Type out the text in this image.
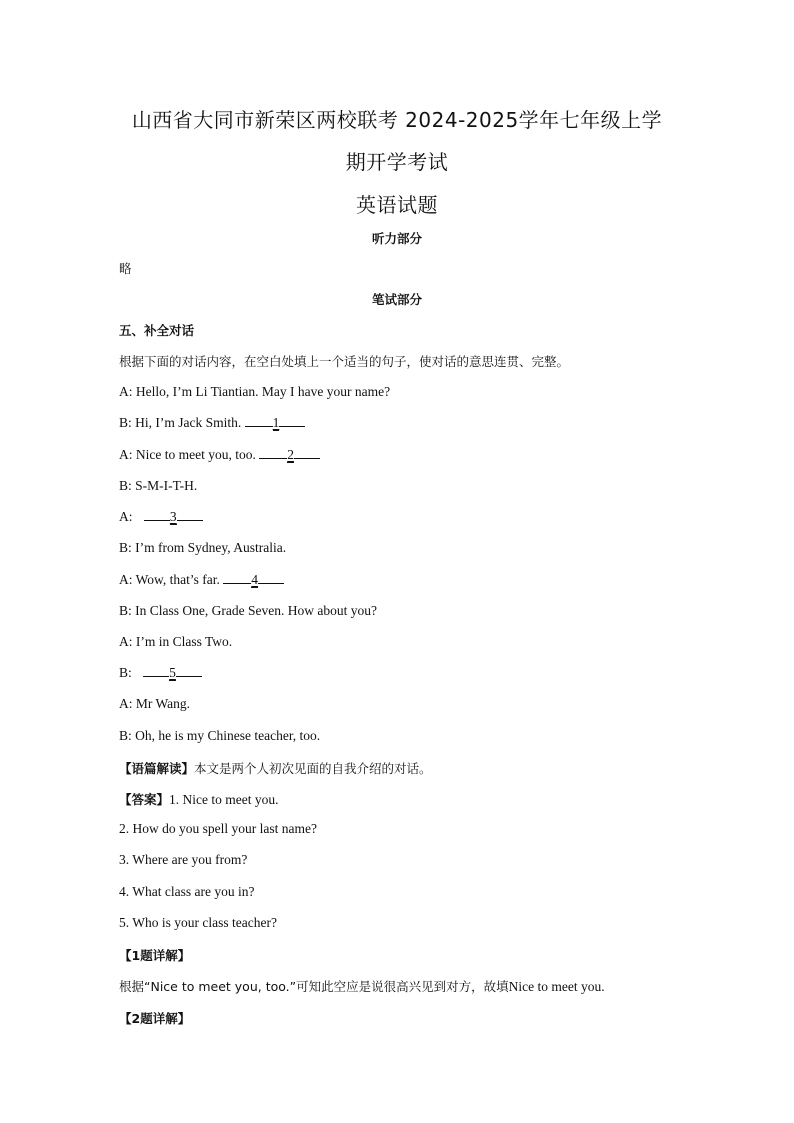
山西省大同市新荣区两校联考 2024-2025学年七年级上学
期开学考试
英语试题
听力部分
略
笔试部分
五、补全对话
根据下面的对话内容，在空白处填上一个适当的句子，使对话的意思连贯、完整。
A: Hello, I’m Li Tiantian. May I have your name?
B: Hi, I’m Jack Smith. 1
A: Nice to meet you, too. 2
B: S-M-I-T-H.
A:	3
B: I’m from Sydney, Australia.
A: Wow, that’s far. 4
B: In Class One, Grade Seven. How about you?
A: I’m in Class Two.
B:	5
A: Mr Wang.
B: Oh, he is my Chinese teacher, too.
【语篇解读】本文是两个人初次见面的自我介绍的对话。
【答案】1. Nice to meet you.
2. How do you spell your last name?
3. Where are you from?
4. What class are you in?
5. Who is your class teacher?
【1题详解】
根据“Nice to meet you, too.”可知此空应是说很高兴见到对方，故填Nice to meet you.
【2题详解】
